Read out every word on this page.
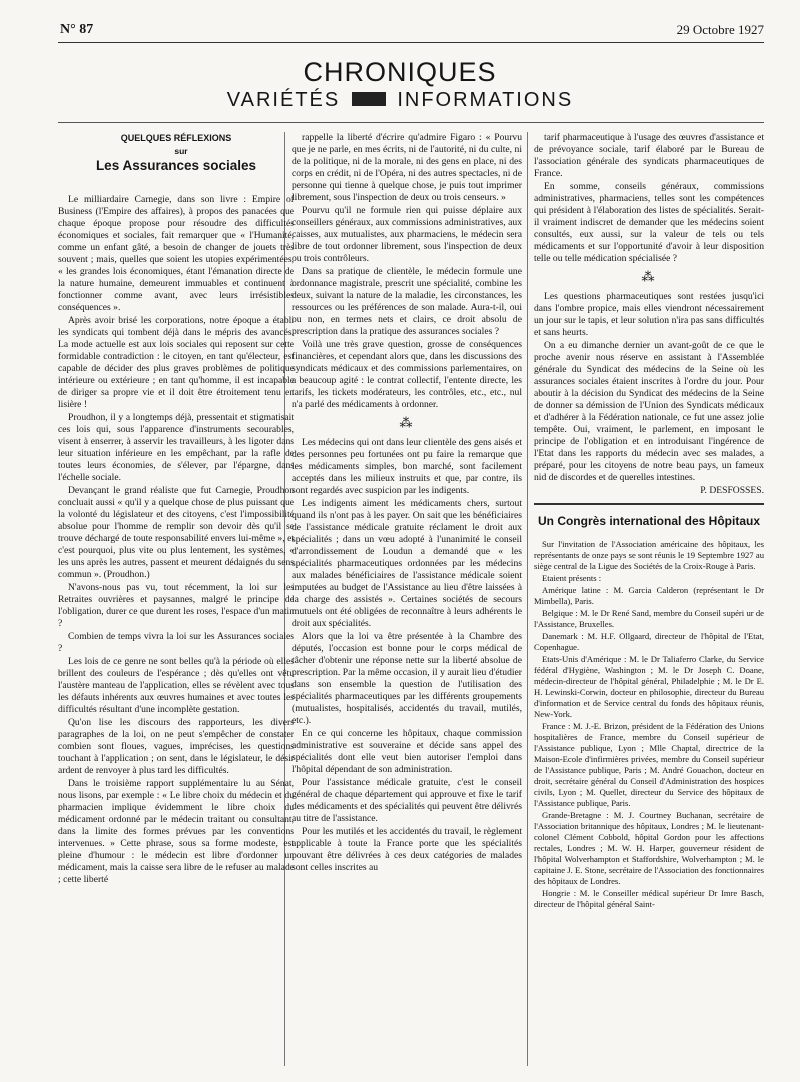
N° 87	29 Octobre 1927
CHRONIQUES
VARIÉTÉS	INFORMATIONS

QUELQUES RÉFLEXIONS

sur

Les Assurances sociales

Le milliardaire Carnegie, dans son livre : Empire of Business (l'Empire des affaires), à propos des panacées que chaque époque propose pour résoudre des difficultés économiques et sociales, fait remarquer que « l'Humanité, comme un enfant gâté, a besoin de changer de jouets très souvent ; mais, quelles que soient les utopies expérimentées, « les grandes lois économiques, étant l'émanation directe de la nature humaine, demeurent immuables et continuent à fonctionner comme avant, avec leurs irrésistibles conséquences ».

Après avoir brisé les corporations, notre époque a établi les syndicats qui tombent déjà dans le mépris des avancés. La mode actuelle est aux lois sociales qui reposent sur cette formidable contradiction : le citoyen, en tant qu'électeur, est capable de décider des plus graves problèmes de politique intérieure ou extérieure ; en tant qu'homme, il est incapable de diriger sa propre vie et il doit être étroitement tenu en lisière !

Proudhon, il y a longtemps déjà, pressentait et stigmatisait ces lois qui, sous l'apparence d'instruments secourables, visent à enserrer, à asservir les travailleurs, à les ligoter dans leur situation inférieure en les empêchant, par la rafle de toutes leurs économies, de s'élever, par l'épargne, dans l'échelle sociale.

Devançant le grand réaliste que fut Carnegie, Proudhon concluait aussi « qu'il y a quelque chose de plus puissant que la volonté du législateur et des citoyens, c'est l'impossibilité absolue pour l'homme de remplir son devoir dès qu'il se trouve déchargé de toute responsabilité envers lui-même », et c'est pourquoi, plus vite ou plus lentement, les systèmes, « les uns après les autres, passent et meurent dédaignés du sens commun ». (Proudhon.)

N'avons-nous pas vu, tout récemment, la loi sur les Retraites ouvrières et paysannes, malgré le principe de l'obligation, durer ce que durent les roses, l'espace d'un matin ?

Combien de temps vivra la loi sur les Assurances sociales ?

Les lois de ce genre ne sont belles qu'à la période où elles brillent des couleurs de l'espérance ; dès qu'elles ont vêtu l'austère manteau de l'application, elles se révèlent avec tous les défauts inhérents aux œuvres humaines et avec toutes les difficultés résultant d'une incomplète gestation.

Qu'on lise les discours des rapporteurs, les divers paragraphes de la loi, on ne peut s'empêcher de constater combien sont floues, vagues, imprécises, les questions touchant à l'application ; on sent, dans le législateur, le désir ardent de renvoyer à plus tard les difficultés.

Dans le troisième rapport supplémentaire lu au Sénat, nous lisons, par exemple : « Le libre choix du médecin et du pharmacien implique évidemment le libre choix du médicament ordonné par le médecin traitant ou consultant, dans la limite des formes prévues par les conventions intervenues. » Cette phrase, sous sa forme modeste, est pleine d'humour : le médecin est libre d'ordonner un médicament, mais la caisse sera libre de le refuser au malade ; cette liberté

rappelle la liberté d'écrire qu'admire Figaro : « Pourvu que je ne parle, en mes écrits, ni de l'autorité, ni du culte, ni de la politique, ni de la morale, ni des gens en place, ni des corps en crédit, ni de l'Opéra, ni des autres spectacles, ni de personne qui tienne à quelque chose, je puis tout imprimer librement, sous l'inspection de deux ou trois censeurs. »

Pourvu qu'il ne formule rien qui puisse déplaire aux conseillers généraux, aux commissions administratives, aux caisses, aux mutualistes, aux pharmaciens, le médecin sera libre de tout ordonner librement, sous l'inspection de deux ou trois contrôleurs.

Dans sa pratique de clientèle, le médecin formule une ordonnance magistrale, prescrit une spécialité, combine les deux, suivant la nature de la maladie, les circonstances, les ressources ou les préférences de son malade. Aura-t-il, oui ou non, en termes nets et clairs, ce droit absolu de prescription dans la pratique des assurances sociales ?

Voilà une très grave question, grosse de conséquences financières, et cependant alors que, dans les discussions des syndicats médicaux et des commissions parlementaires, on a beaucoup agité : le contrat collectif, l'entente directe, les tarifs, les tickets modérateurs, les contrôles, etc., etc., nul n'a parlé des médicaments à ordonner.

⁂

Les médecins qui ont dans leur clientèle des gens aisés et des personnes peu fortunées ont pu faire la remarque que les médicaments simples, bon marché, sont facilement acceptés dans les milieux instruits et que, par contre, ils sont regardés avec suspicion par les indigents.

Les indigents aiment les médicaments chers, surtout quand ils n'ont pas à les payer. On sait que les bénéficiaires de l'assistance médicale gratuite réclament le droit aux spécialités ; dans un vœu adopté à l'unanimité le conseil d'arrondissement de Loudun a demandé que « les spécialités pharmaceutiques ordonnées par les médecins aux malades bénéficiaires de l'assistance médicale soient imputées au budget de l'Assistance au lieu d'être laissées à la charge des assistés ». Certaines sociétés de secours mutuels ont été obligées de reconnaître à leurs adhérents le droit aux spécialités.

Alors que la loi va être présentée à la Chambre des députés, l'occasion est bonne pour le corps médical de tâcher d'obtenir une réponse nette sur la liberté absolue de prescription. Par la même occasion, il y aurait lieu d'étudier dans son ensemble la question de l'utilisation des spécialités pharmaceutiques par les différents groupements (mutualistes, hospitalisés, accidentés du travail, mutilés, etc.).

En ce qui concerne les hôpitaux, chaque commission administrative est souveraine et décide sans appel des spécialités dont elle veut bien autoriser l'emploi dans l'hôpital dépendant de son administration.

Pour l'assistance médicale gratuite, c'est le conseil général de chaque département qui approuve et fixe le tarif des médicaments et des spécialités qui peuvent être délivrés au titre de l'assistance.

Pour les mutilés et les accidentés du travail, le règlement applicable à toute la France porte que les spécialités pouvant être délivrées à ces deux catégories de malades sont celles inscrites au

tarif pharmaceutique à l'usage des œuvres d'assistance et de prévoyance sociale, tarif élaboré par le Bureau de l'association générale des syndicats pharmaceutiques de France.

En somme, conseils généraux, commissions administratives, pharmaciens, telles sont les compétences qui président à l'élaboration des listes de spécialités. Serait-il vraiment indiscret de demander que les médecins soient consultés, eux aussi, sur la valeur de tels ou tels médicaments et sur l'opportunité d'avoir à leur disposition telle ou telle médication spécialisée ?

⁂

Les questions pharmaceutiques sont restées jusqu'ici dans l'ombre propice, mais elles viendront nécessairement un jour sur le tapis, et leur solution n'ira pas sans difficultés et sans heurts.

On a eu dimanche dernier un avant-goût de ce que le proche avenir nous réserve en assistant à l'Assemblée générale du Syndicat des médecins de la Seine où les assurances sociales étaient inscrites à l'ordre du jour. Pour aboutir à la décision du Syndicat des médecins de la Seine de donner sa démission de l'Union des Syndicats médicaux et d'adhérer à la Fédération nationale, ce fut une assez jolie tempête. Oui, vraiment, le parlement, en imposant le principe de l'obligation et en introduisant l'ingérence de l'Etat dans les rapports du médecin avec ses malades, a préparé, pour les citoyens de notre beau pays, un fameux nid de discordes et de querelles intestines.

P. DESFOSSES.

Un Congrès international des Hôpitaux

Sur l'invitation de l'Association américaine des hôpitaux, les représentants de onze pays se sont réunis le 19 Septembre 1927 au siège central de la Ligue des Sociétés de la Croix-Rouge à Paris.

Etaient présents :

Amérique latine : M. Garcia Calderon (représentant le Dr Mimbella), Paris.

Belgique : M. le Dr René Sand, membre du Conseil supéri ur de l'Assistance, Bruxelles.

Danemark : M. H.F. Ollgaard, directeur de l'hôpital de l'Etat, Copenhague.

Etats-Unis d'Amérique : M. le Dr Taliaferro Clarke, du Service fédéral d'Hygiène, Washington ; M. le Dr Joseph C. Doane, médecin-directeur de l'hôpital général, Philadelphie ; M. le Dr E. H. Lewinski-Corwin, docteur en philosophie, directeur du Bureau d'information et de Service central du fonds des hôpitaux réunis, New-York.

France : M. J.-E. Brizon, président de la Fédération des Unions hospitalières de France, membre du Conseil supérieur de l'Assistance publique, Lyon ; Mlle Chaptal, directrice de la Maison-Ecole d'infirmières privées, membre du Conseil supérieur de l'Assistance publique, Paris ; M. André Gouachon, docteur en droit, secrétaire général du Conseil d'Administration des hospices civils, Lyon ; M. Quellet, directeur du Service des hôpitaux de l'Assistance publique, Paris.

Grande-Bretagne : M. J. Courtney Buchanan, secrétaire de l'Association britannique des hôpitaux, Londres ; M. le lieutenant-colonel Clément Cobbold, hôpital Gordon pour les affections rectales, Londres ; M. W. H. Harper, gouverneur résident de l'hôpital Wolverhampton et Staffordshire, Wolverhampton ; M. le capitaine J. E. Stone, secrétaire de l'Association des fonctionnaires des hôpitaux de Londres.

Hongrie : M. le Conseiller médical supérieur Dr Imre Basch, directeur de l'hôpital général Saint-
